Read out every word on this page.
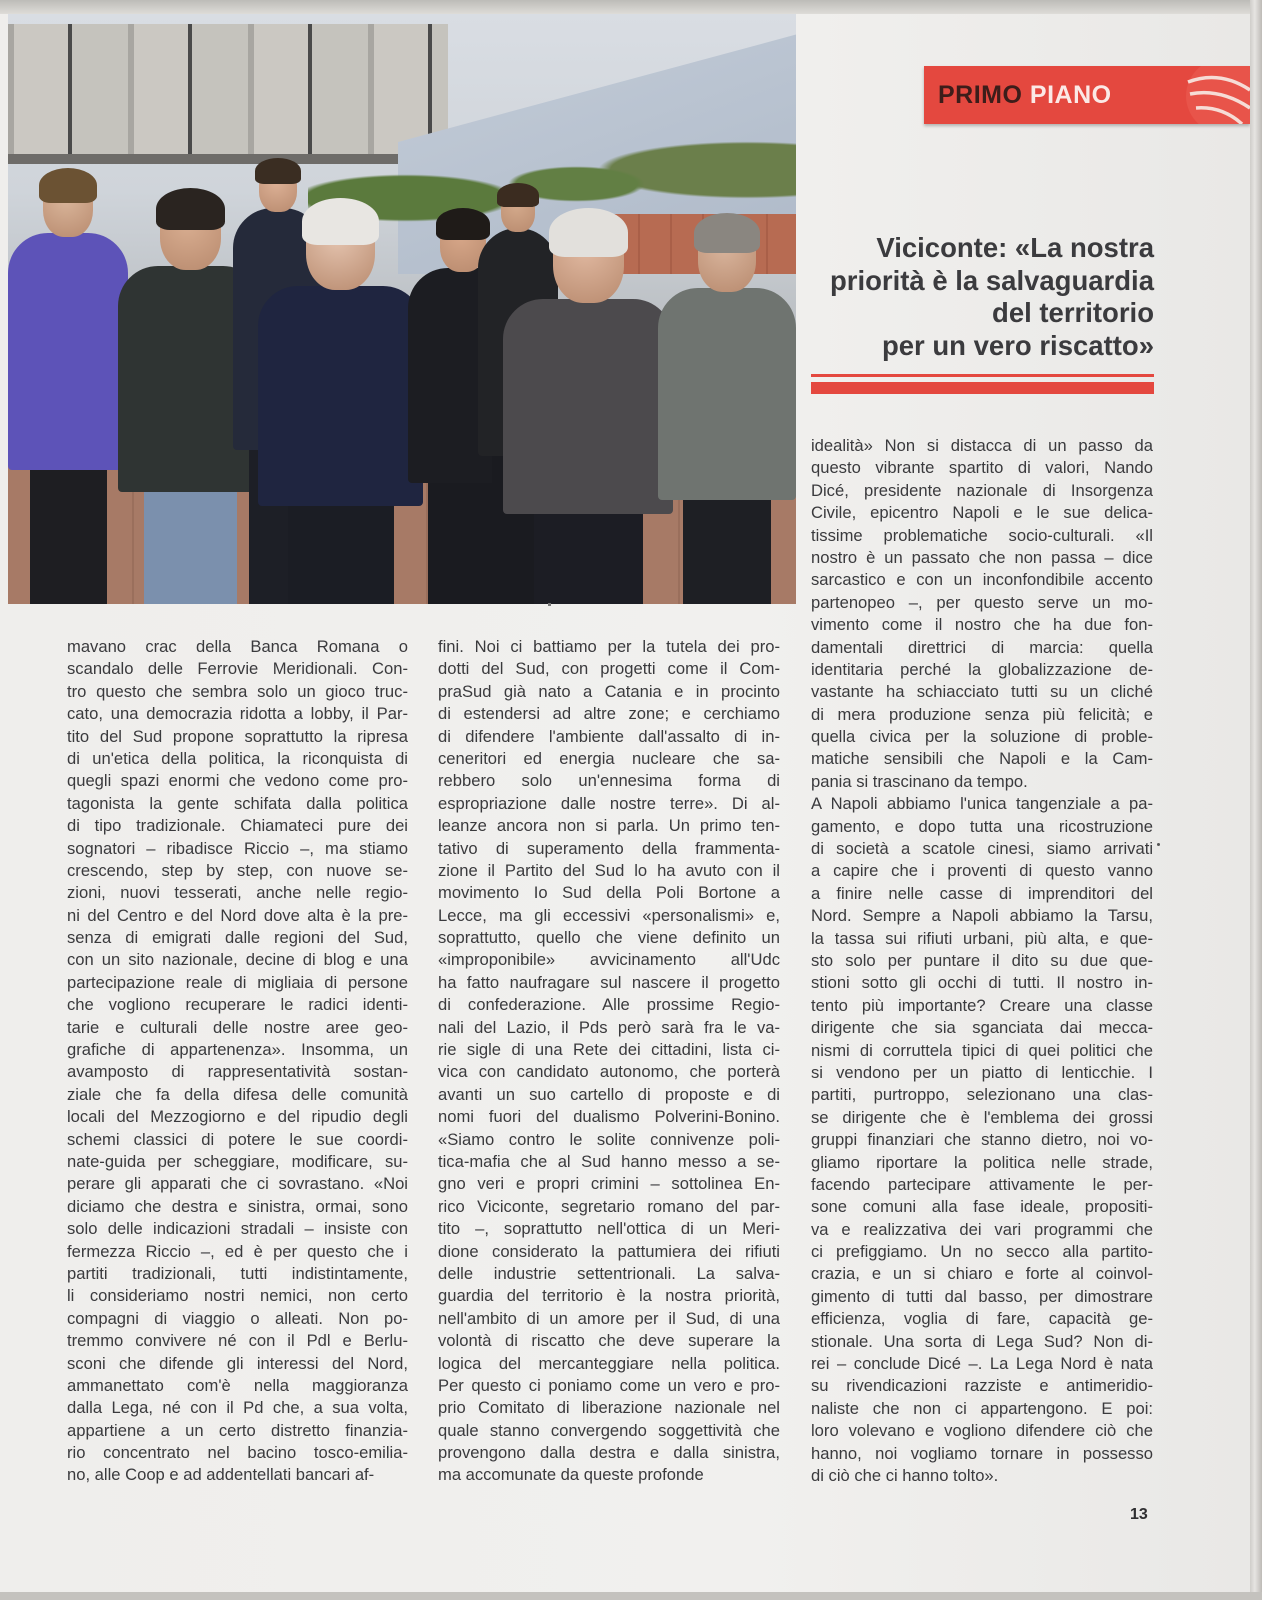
PRIMO PIANO
Viciconte: «La nostra
priorità è la salvaguardia
del territorio
per un vero riscatto»
mavano crac della Banca Romana o
scandalo delle Ferrovie Meridionali. Con-
tro questo che sembra solo un gioco truc-
cato, una democrazia ridotta a lobby, il Par-
tito del Sud propone soprattutto la ripresa
di un'etica della politica, la riconquista di
quegli spazi enormi che vedono come pro-
tagonista la gente schifata dalla politica
di tipo tradizionale. Chiamateci pure dei
sognatori – ribadisce Riccio –, ma stiamo
crescendo, step by step, con nuove se-
zioni, nuovi tesserati, anche nelle regio-
ni del Centro e del Nord dove alta è la pre-
senza di emigrati dalle regioni del Sud,
con un sito nazionale, decine di blog e una
partecipazione reale di migliaia di persone
che vogliono recuperare le radici identi-
tarie e culturali delle nostre aree geo-
grafiche di appartenenza». Insomma, un
avamposto di rappresentatività sostan-
ziale che fa della difesa delle comunità
locali del Mezzogiorno e del ripudio degli
schemi classici di potere le sue coordi-
nate-guida per scheggiare, modificare, su-
perare gli apparati che ci sovrastano. «Noi
diciamo che destra e sinistra, ormai, sono
solo delle indicazioni stradali – insiste con
fermezza Riccio –, ed è per questo che i
partiti tradizionali, tutti indistintamente,
li consideriamo nostri nemici, non certo
compagni di viaggio o alleati. Non po-
tremmo convivere né con il Pdl e Berlu-
sconi che difende gli interessi del Nord,
ammanettato com'è nella maggioranza
dalla Lega, né con il Pd che, a sua volta,
appartiene a un certo distretto finanzia-
rio concentrato nel bacino tosco-emilia-
no, alle Coop e ad addentellati bancari af-
fini. Noi ci battiamo per la tutela dei pro-
dotti del Sud, con progetti come il Com-
praSud già nato a Catania e in procinto
di estendersi ad altre zone; e cerchiamo
di difendere l'ambiente dall'assalto di in-
ceneritori ed energia nucleare che sa-
rebbero solo un'ennesima forma di
espropriazione dalle nostre terre». Di al-
leanze ancora non si parla. Un primo ten-
tativo di superamento della frammenta-
zione il Partito del Sud lo ha avuto con il
movimento Io Sud della Poli Bortone a
Lecce, ma gli eccessivi «personalismi» e,
soprattutto, quello che viene definito un
«improponibile» avvicinamento all'Udc
ha fatto naufragare sul nascere il progetto
di confederazione. Alle prossime Regio-
nali del Lazio, il Pds però sarà fra le va-
rie sigle di una Rete dei cittadini, lista ci-
vica con candidato autonomo, che porterà
avanti un suo cartello di proposte e di
nomi fuori del dualismo Polverini-Bonino.
«Siamo contro le solite connivenze poli-
tica-mafia che al Sud hanno messo a se-
gno veri e propri crimini – sottolinea En-
rico Viciconte, segretario romano del par-
tito –, soprattutto nell'ottica di un Meri-
dione considerato la pattumiera dei rifiuti
delle industrie settentrionali. La salva-
guardia del territorio è la nostra priorità,
nell'ambito di un amore per il Sud, di una
volontà di riscatto che deve superare la
logica del mercanteggiare nella politica.
Per questo ci poniamo come un vero e pro-
prio Comitato di liberazione nazionale nel
quale stanno convergendo soggettività che
provengono dalla destra e dalla sinistra,
ma accomunate da queste profonde
idealità» Non si distacca di un passo da
questo vibrante spartito di valori, Nando
Dicé, presidente nazionale di Insorgenza
Civile, epicentro Napoli e le sue delica-
tissime problematiche socio-culturali. «Il
nostro è un passato che non passa – dice
sarcastico e con un inconfondibile accento
partenopeo –, per questo serve un mo-
vimento come il nostro che ha due fon-
damentali direttrici di marcia: quella
identitaria perché la globalizzazione de-
vastante ha schiacciato tutti su un cliché
di mera produzione senza più felicità; e
quella civica per la soluzione di proble-
matiche sensibili che Napoli e la Cam-
pania si trascinano da tempo.
A Napoli abbiamo l'unica tangenziale a pa-
gamento, e dopo tutta una ricostruzione
di società a scatole cinesi, siamo arrivati
a capire che i proventi di questo vanno
a finire nelle casse di imprenditori del
Nord. Sempre a Napoli abbiamo la Tarsu,
la tassa sui rifiuti urbani, più alta, e que-
sto solo per puntare il dito su due que-
stioni sotto gli occhi di tutti. Il nostro in-
tento più importante? Creare una classe
dirigente che sia sganciata dai mecca-
nismi di corruttela tipici di quei politici che
si vendono per un piatto di lenticchie. I
partiti, purtroppo, selezionano una clas-
se dirigente che è l'emblema dei grossi
gruppi finanziari che stanno dietro, noi vo-
gliamo riportare la politica nelle strade,
facendo partecipare attivamente le per-
sone comuni alla fase ideale, propositi-
va e realizzativa dei vari programmi che
ci prefiggiamo. Un no secco alla partito-
crazia, e un si chiaro e forte al coinvol-
gimento di tutti dal basso, per dimostrare
efficienza, voglia di fare, capacità ge-
stionale. Una sorta di Lega Sud? Non di-
rei – conclude Dicé –. La Lega Nord è nata
su rivendicazioni razziste e antimeridio-
naliste che non ci appartengono. E poi:
loro volevano e vogliono difendere ciò che
hanno, noi vogliamo tornare in possesso
di ciò che ci hanno tolto».
13
